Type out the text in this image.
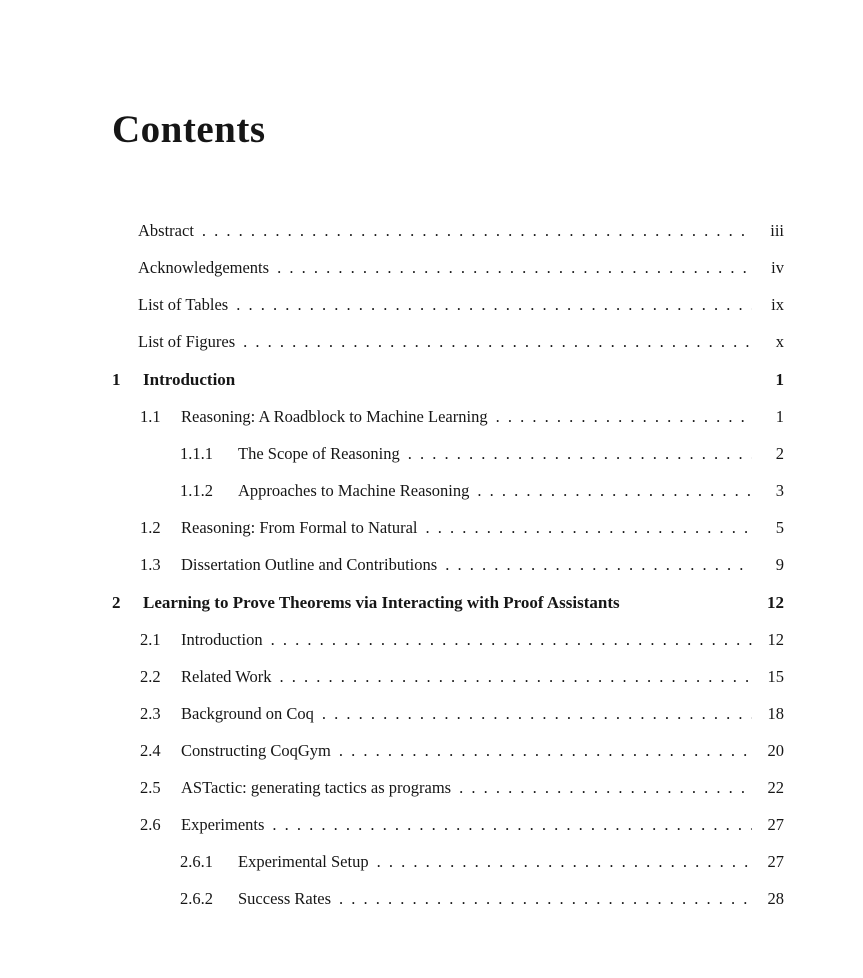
Contents
Abstract . . .	iii
Acknowledgements . . .	iv
List of Tables . . .	ix
List of Figures . . .	x
1	Introduction	1
1.1	Reasoning: A Roadblock to Machine Learning . . .	1
1.1.1	The Scope of Reasoning . . .	2
1.1.2	Approaches to Machine Reasoning . . .	3
1.2	Reasoning: From Formal to Natural . . .	5
1.3	Dissertation Outline and Contributions . . .	9
2	Learning to Prove Theorems via Interacting with Proof Assistants	12
2.1	Introduction . . .	12
2.2	Related Work . . .	15
2.3	Background on Coq . . .	18
2.4	Constructing CoqGym . . .	20
2.5	ASTactic: generating tactics as programs . . .	22
2.6	Experiments . . .	27
2.6.1	Experimental Setup . . .	27
2.6.2	Success Rates . . .	28
